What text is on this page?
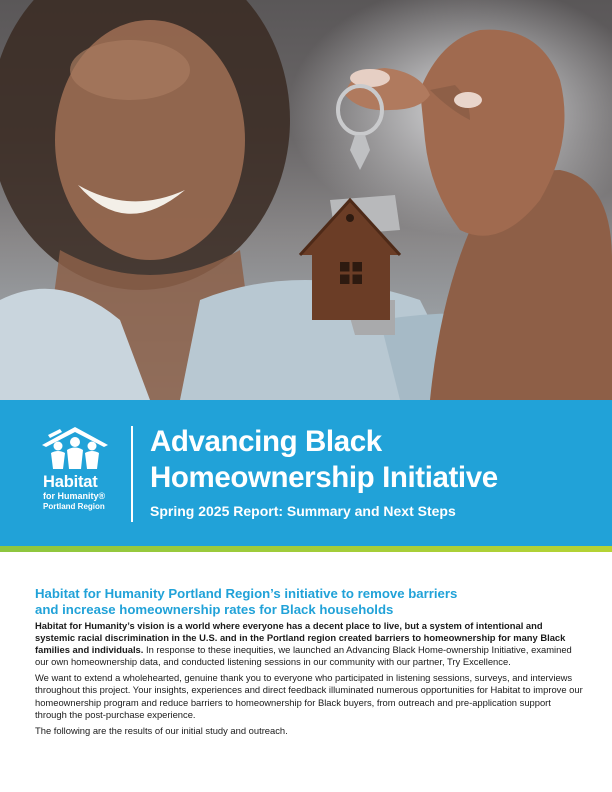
Habitat
for Humanity®
Portland Region
Advancing Black
Homeownership Initiative
Spring 2025 Report: Summary and Next Steps
Habitat for Humanity Portland Region’s initiative to remove barriers
and increase homeownership rates for Black households

Habitat for Humanity’s vision is a world where everyone has a decent place to live, but a system of intentional and systemic racial discrimination in the U.S. and in the Portland region created barriers to homeownership for many Black families and individuals. In response to these inequities, we launched an Advancing Black Home-ownership Initiative, examined our own homeownership data, and conducted listening sessions in our community with our partner, Try Excellence.

We want to extend a wholehearted, genuine thank you to everyone who participated in listening sessions, surveys, and interviews throughout this project. Your insights, experiences and direct feedback illuminated numerous opportunities for Habitat to improve our homeownership program and reduce barriers to homeownership for Black buyers, from outreach and pre-application support through the post-purchase experience.

The following are the results of our initial study and outreach.
